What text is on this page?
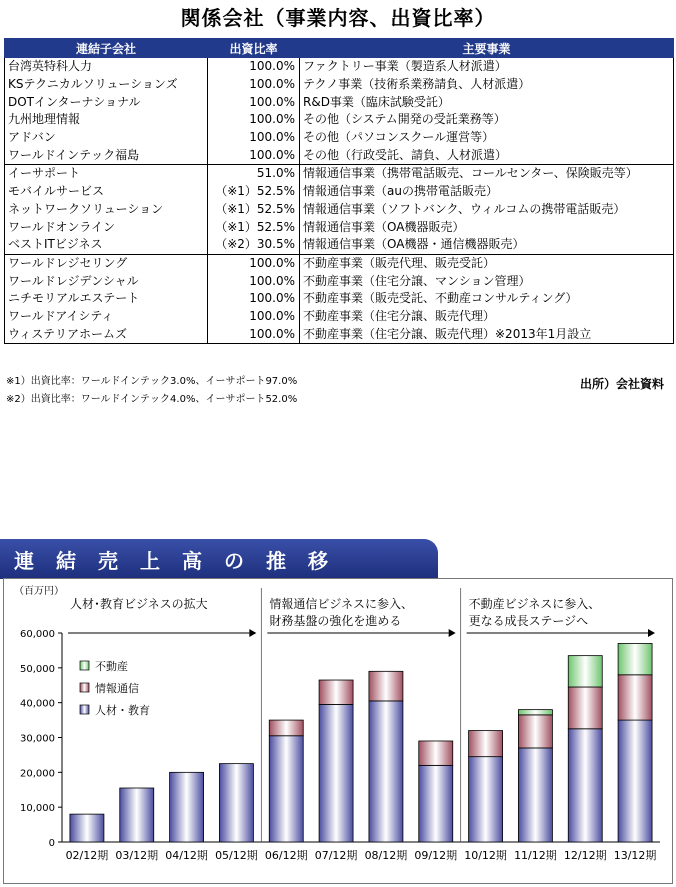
関係会社（事業内容、出資比率）
連結子会社	出資比率	主要事業
台湾英特科人力	100.0%	ファクトリー事業（製造系人材派遣）
KSテクニカルソリューションズ	100.0%	テクノ事業（技術系業務請負、人材派遣）
DOTインターナショナル	100.0%	R&D事業（臨床試験受託）
九州地理情報	100.0%	その他（システム開発の受託業務等）
アドバン	100.0%	その他（パソコンスクール運営等）
ワールドインテック福島	100.0%	その他（行政受託、請負、人材派遣）
イーサポート	51.0%	情報通信事業（携帯電話販売、コールセンター、保険販売等）
モバイルサービス	（※1）52.5%	情報通信事業（auの携帯電話販売）
ネットワークソリューション	（※1）52.5%	情報通信事業（ソフトバンク、ウィルコムの携帯電話販売）
ワールドオンライン	（※1）52.5%	情報通信事業（OA機器販売）
ベストITビジネス	（※2）30.5%	情報通信事業（OA機器・通信機器販売）
ワールドレジセリング	100.0%	不動産事業（販売代理、販売受託）
ワールドレジデンシャル	100.0%	不動産事業（住宅分譲、マンション管理）
ニチモリアルエステート	100.0%	不動産事業（販売受託、不動産コンサルティング）
ワールドアイシティ	100.0%	不動産事業（住宅分譲、販売代理）
ウィステリアホームズ	100.0%	不動産事業（住宅分譲、販売代理）※2013年1月設立
※1）出資比率：ワールドインテック3.0%、イーサポート97.0%
※2）出資比率：ワールドインテック4.0%、イーサポート52.0%
出所）会社資料
連結売上高の推移
（百万円）
0
10,000
20,000
30,000
40,000
50,000
60,000
人材･教育ビジネスの拡大	情報通信ビジネスに参入、
財務基盤の強化を進める
不動産ビジネスに参入、
更なる成長ステージへ
02/12期 03/12期 04/12期 05/12期 06/12期 07/12期 08/12期 09/12期 10/12期 11/12期 12/12期 13/12期
不動産
情報通信
人材・教育
